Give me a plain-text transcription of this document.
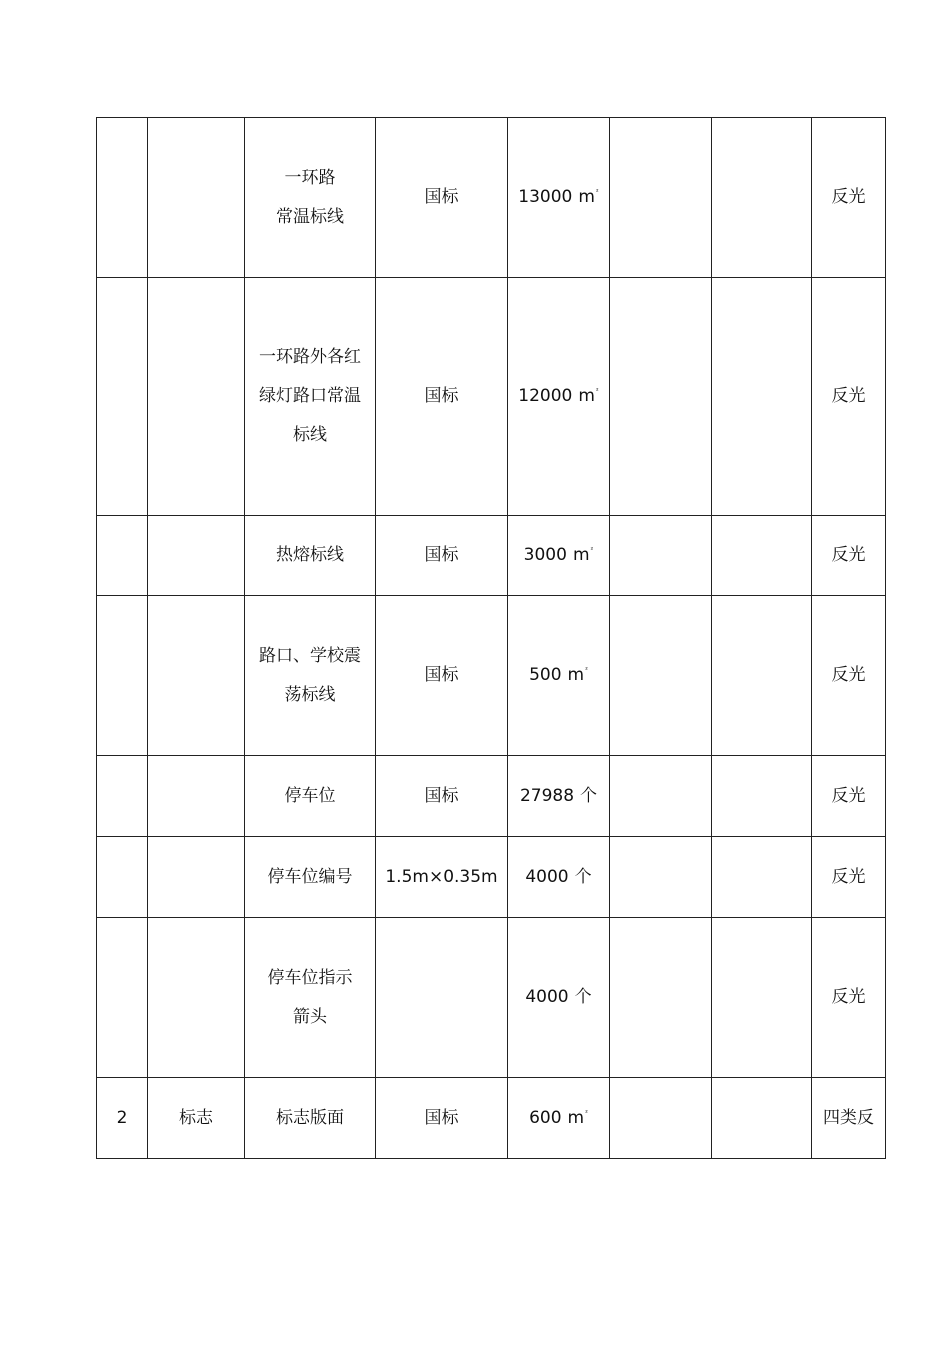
		一环路
常温标线	国标	13000 $m^{^2}$			反光

		一环路外各红
绿灯路口常温
标线	国标	12000 $m^{^2}$			反光

		热熔标线	国标	3000 $m^{^2}$			反光

		路口、学校震
荡标线	国标	500 $m^{^2}$			反光

		停车位	国标	27988 个			反光

		停车位编号	1.5m×0.35m	4000 个			反光

		停车位指示
箭头		4000 个			反光
2	标志	标志版面	国标	600 $m^{^2}$			四类反
